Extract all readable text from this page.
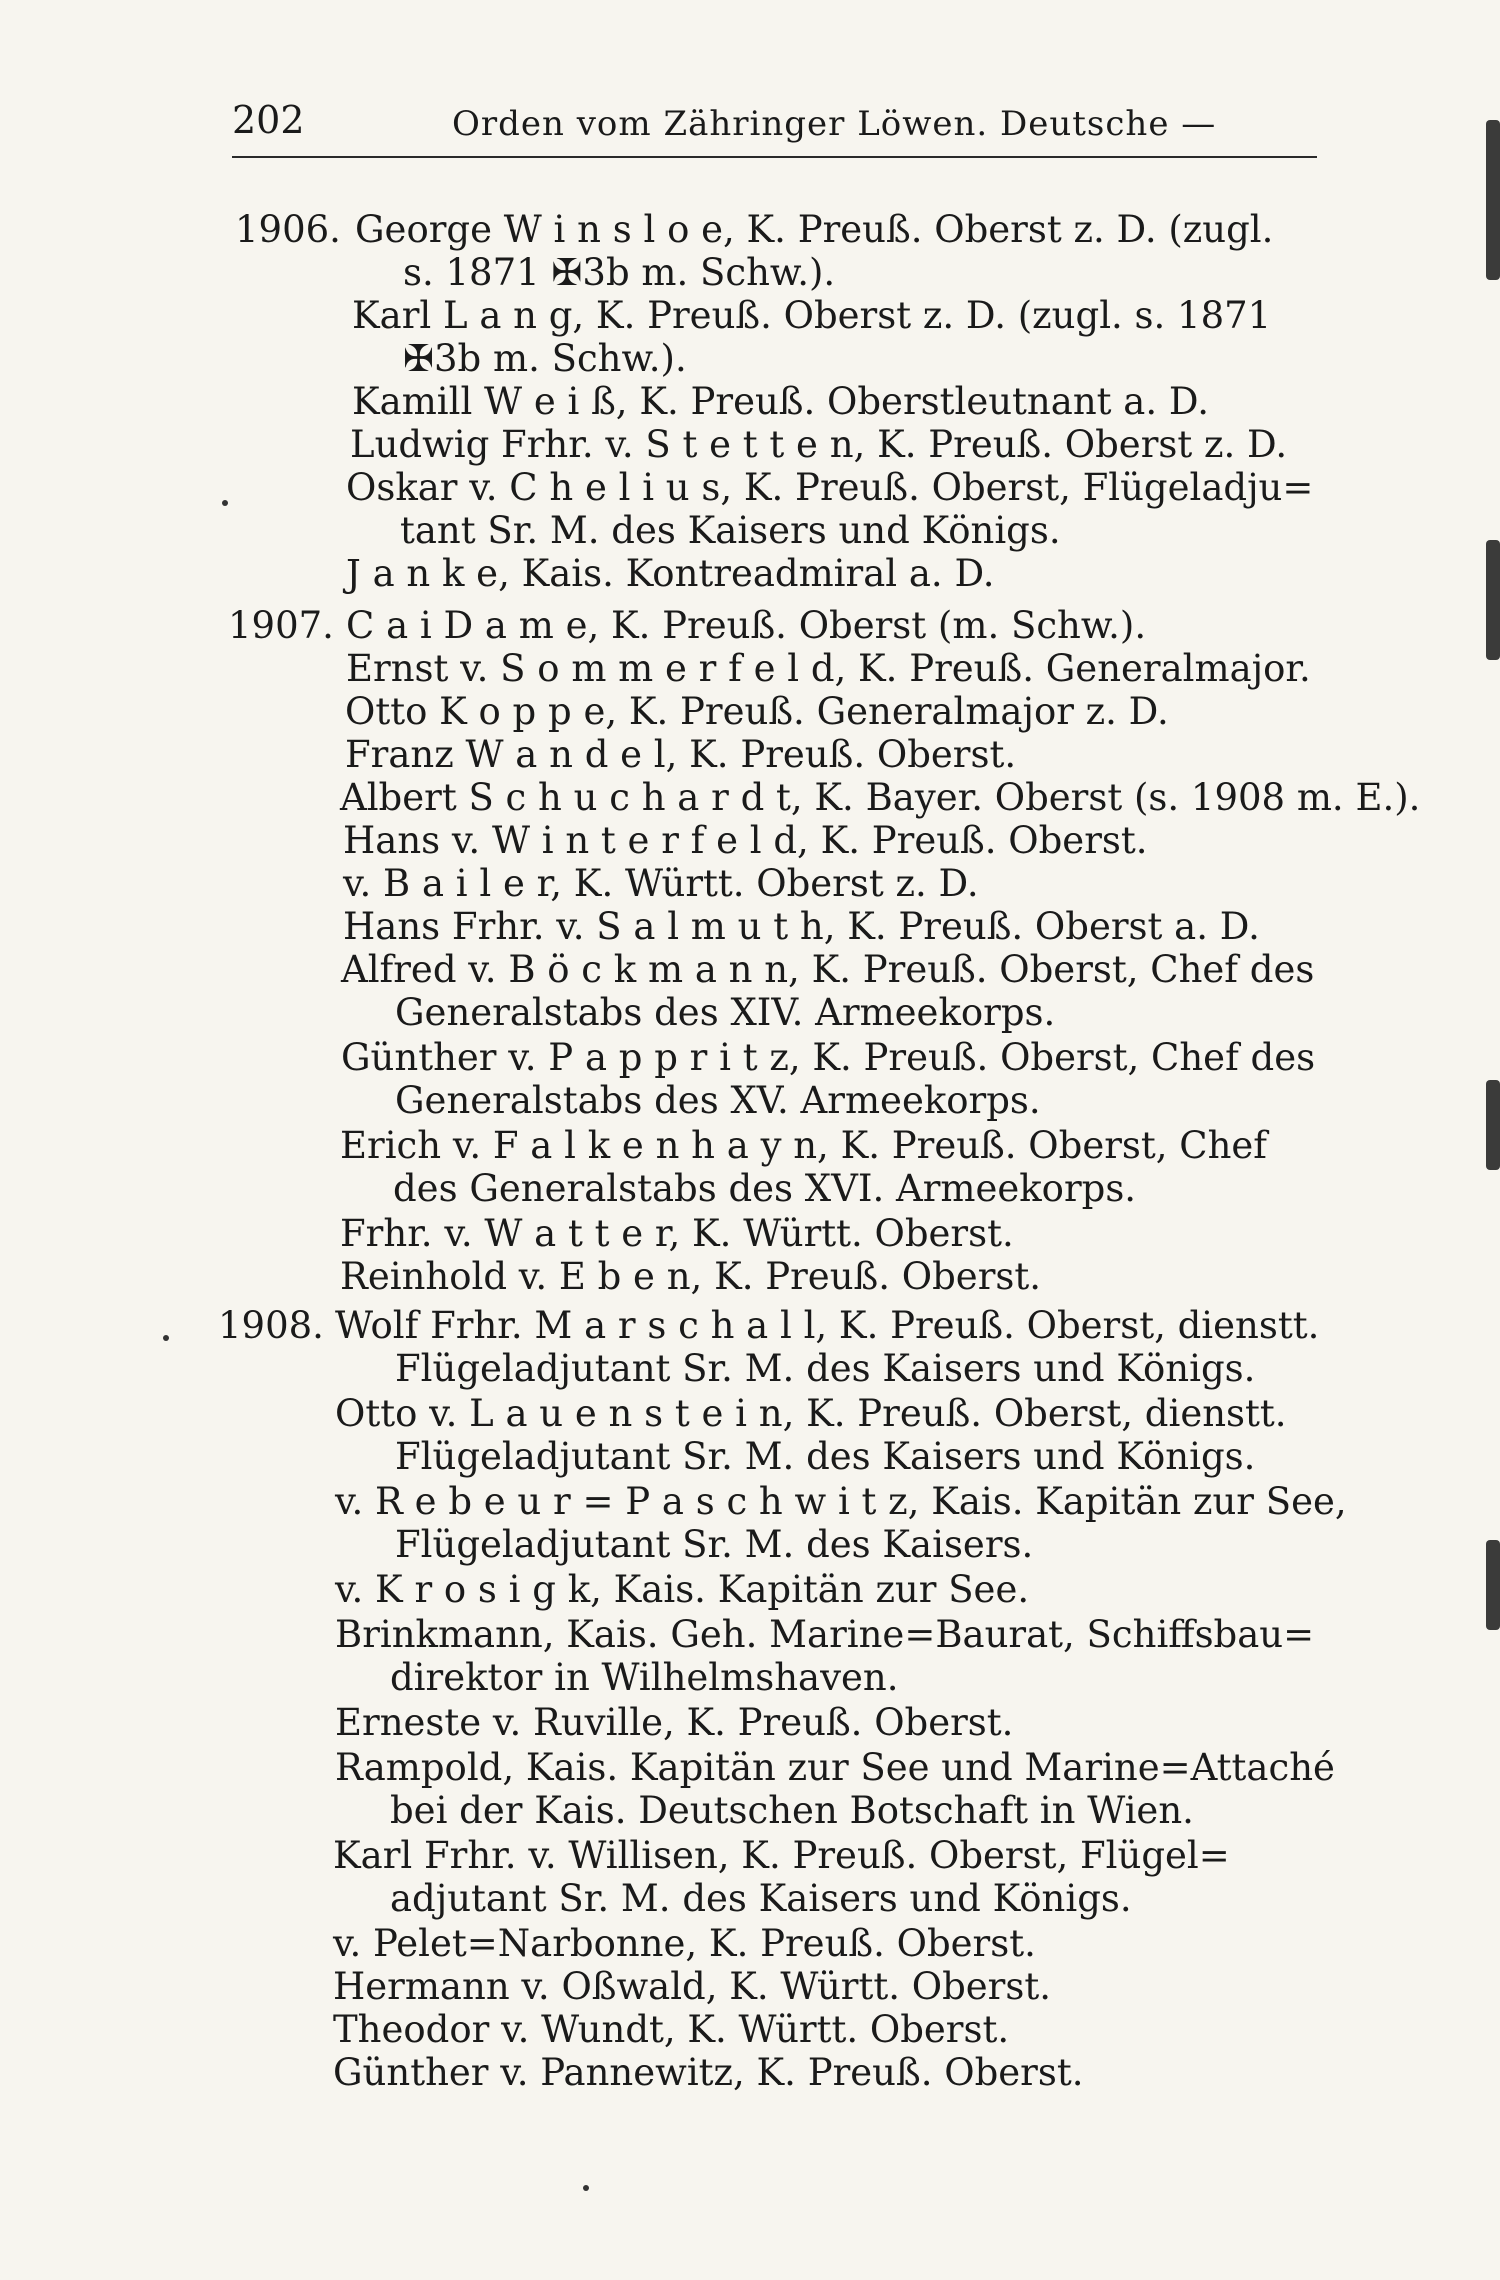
202	Orden vom Zähringer Löwen. Deutsche —
1906.
1907.
1908.
George W i n s l o e, K. Preuß. Oberst z. D. (zugl.
s. 1871 ✠3b m. Schw.).
Karl L a n g, K. Preuß. Oberst z. D. (zugl. s. 1871
✠3b m. Schw.).
Kamill W e i ß, K. Preuß. Oberstleutnant a. D.
Ludwig Frhr. v. S t e t t e n, K. Preuß. Oberst z. D.
Oskar v. C h e l i u s, K. Preuß. Oberst, Flügeladju=
tant Sr. M. des Kaisers und Königs.
J a n k e, Kais. Kontreadmiral a. D.
C a i D a m e, K. Preuß. Oberst (m. Schw.).
Ernst v. S o m m e r f e l d, K. Preuß. Generalmajor.
Otto K o p p e, K. Preuß. Generalmajor z. D.
Franz W a n d e l, K. Preuß. Oberst.
Albert S c h u c h a r d t, K. Bayer. Oberst (s. 1908 m. E.).
Hans v. W i n t e r f e l d, K. Preuß. Oberst.
v. B a i l e r, K. Württ. Oberst z. D.
Hans Frhr. v. S a l m u t h, K. Preuß. Oberst a. D.
Alfred v. B ö c k m a n n, K. Preuß. Oberst, Chef des
Generalstabs des XIV. Armeekorps.
Günther v. P a p p r i t z, K. Preuß. Oberst, Chef des
Generalstabs des XV. Armeekorps.
Erich v. F a l k e n h a y n, K. Preuß. Oberst, Chef
des Generalstabs des XVI. Armeekorps.
Frhr. v. W a t t e r, K. Württ. Oberst.
Reinhold v. E b e n, K. Preuß. Oberst.
Wolf Frhr. M a r s c h a l l, K. Preuß. Oberst, dienstt.
Flügeladjutant Sr. M. des Kaisers und Königs.
Otto v. L a u e n s t e i n, K. Preuß. Oberst, dienstt.
Flügeladjutant Sr. M. des Kaisers und Königs.
v. R e b e u r = P a s c h w i t z, Kais. Kapitän zur See,
Flügeladjutant Sr. M. des Kaisers.
v. K r o s i g k, Kais. Kapitän zur See.
Brinkmann, Kais. Geh. Marine=Baurat, Schiffsbau=
direktor in Wilhelmshaven.
Erneste v. Ruville, K. Preuß. Oberst.
Rampold, Kais. Kapitän zur See und Marine=Attaché
bei der Kais. Deutschen Botschaft in Wien.
Karl Frhr. v. Willisen, K. Preuß. Oberst, Flügel=
adjutant Sr. M. des Kaisers und Königs.
v. Pelet=Narbonne, K. Preuß. Oberst.
Hermann v. Oßwald, K. Württ. Oberst.
Theodor v. Wundt, K. Württ. Oberst.
Günther v. Pannewitz, K. Preuß. Oberst.
